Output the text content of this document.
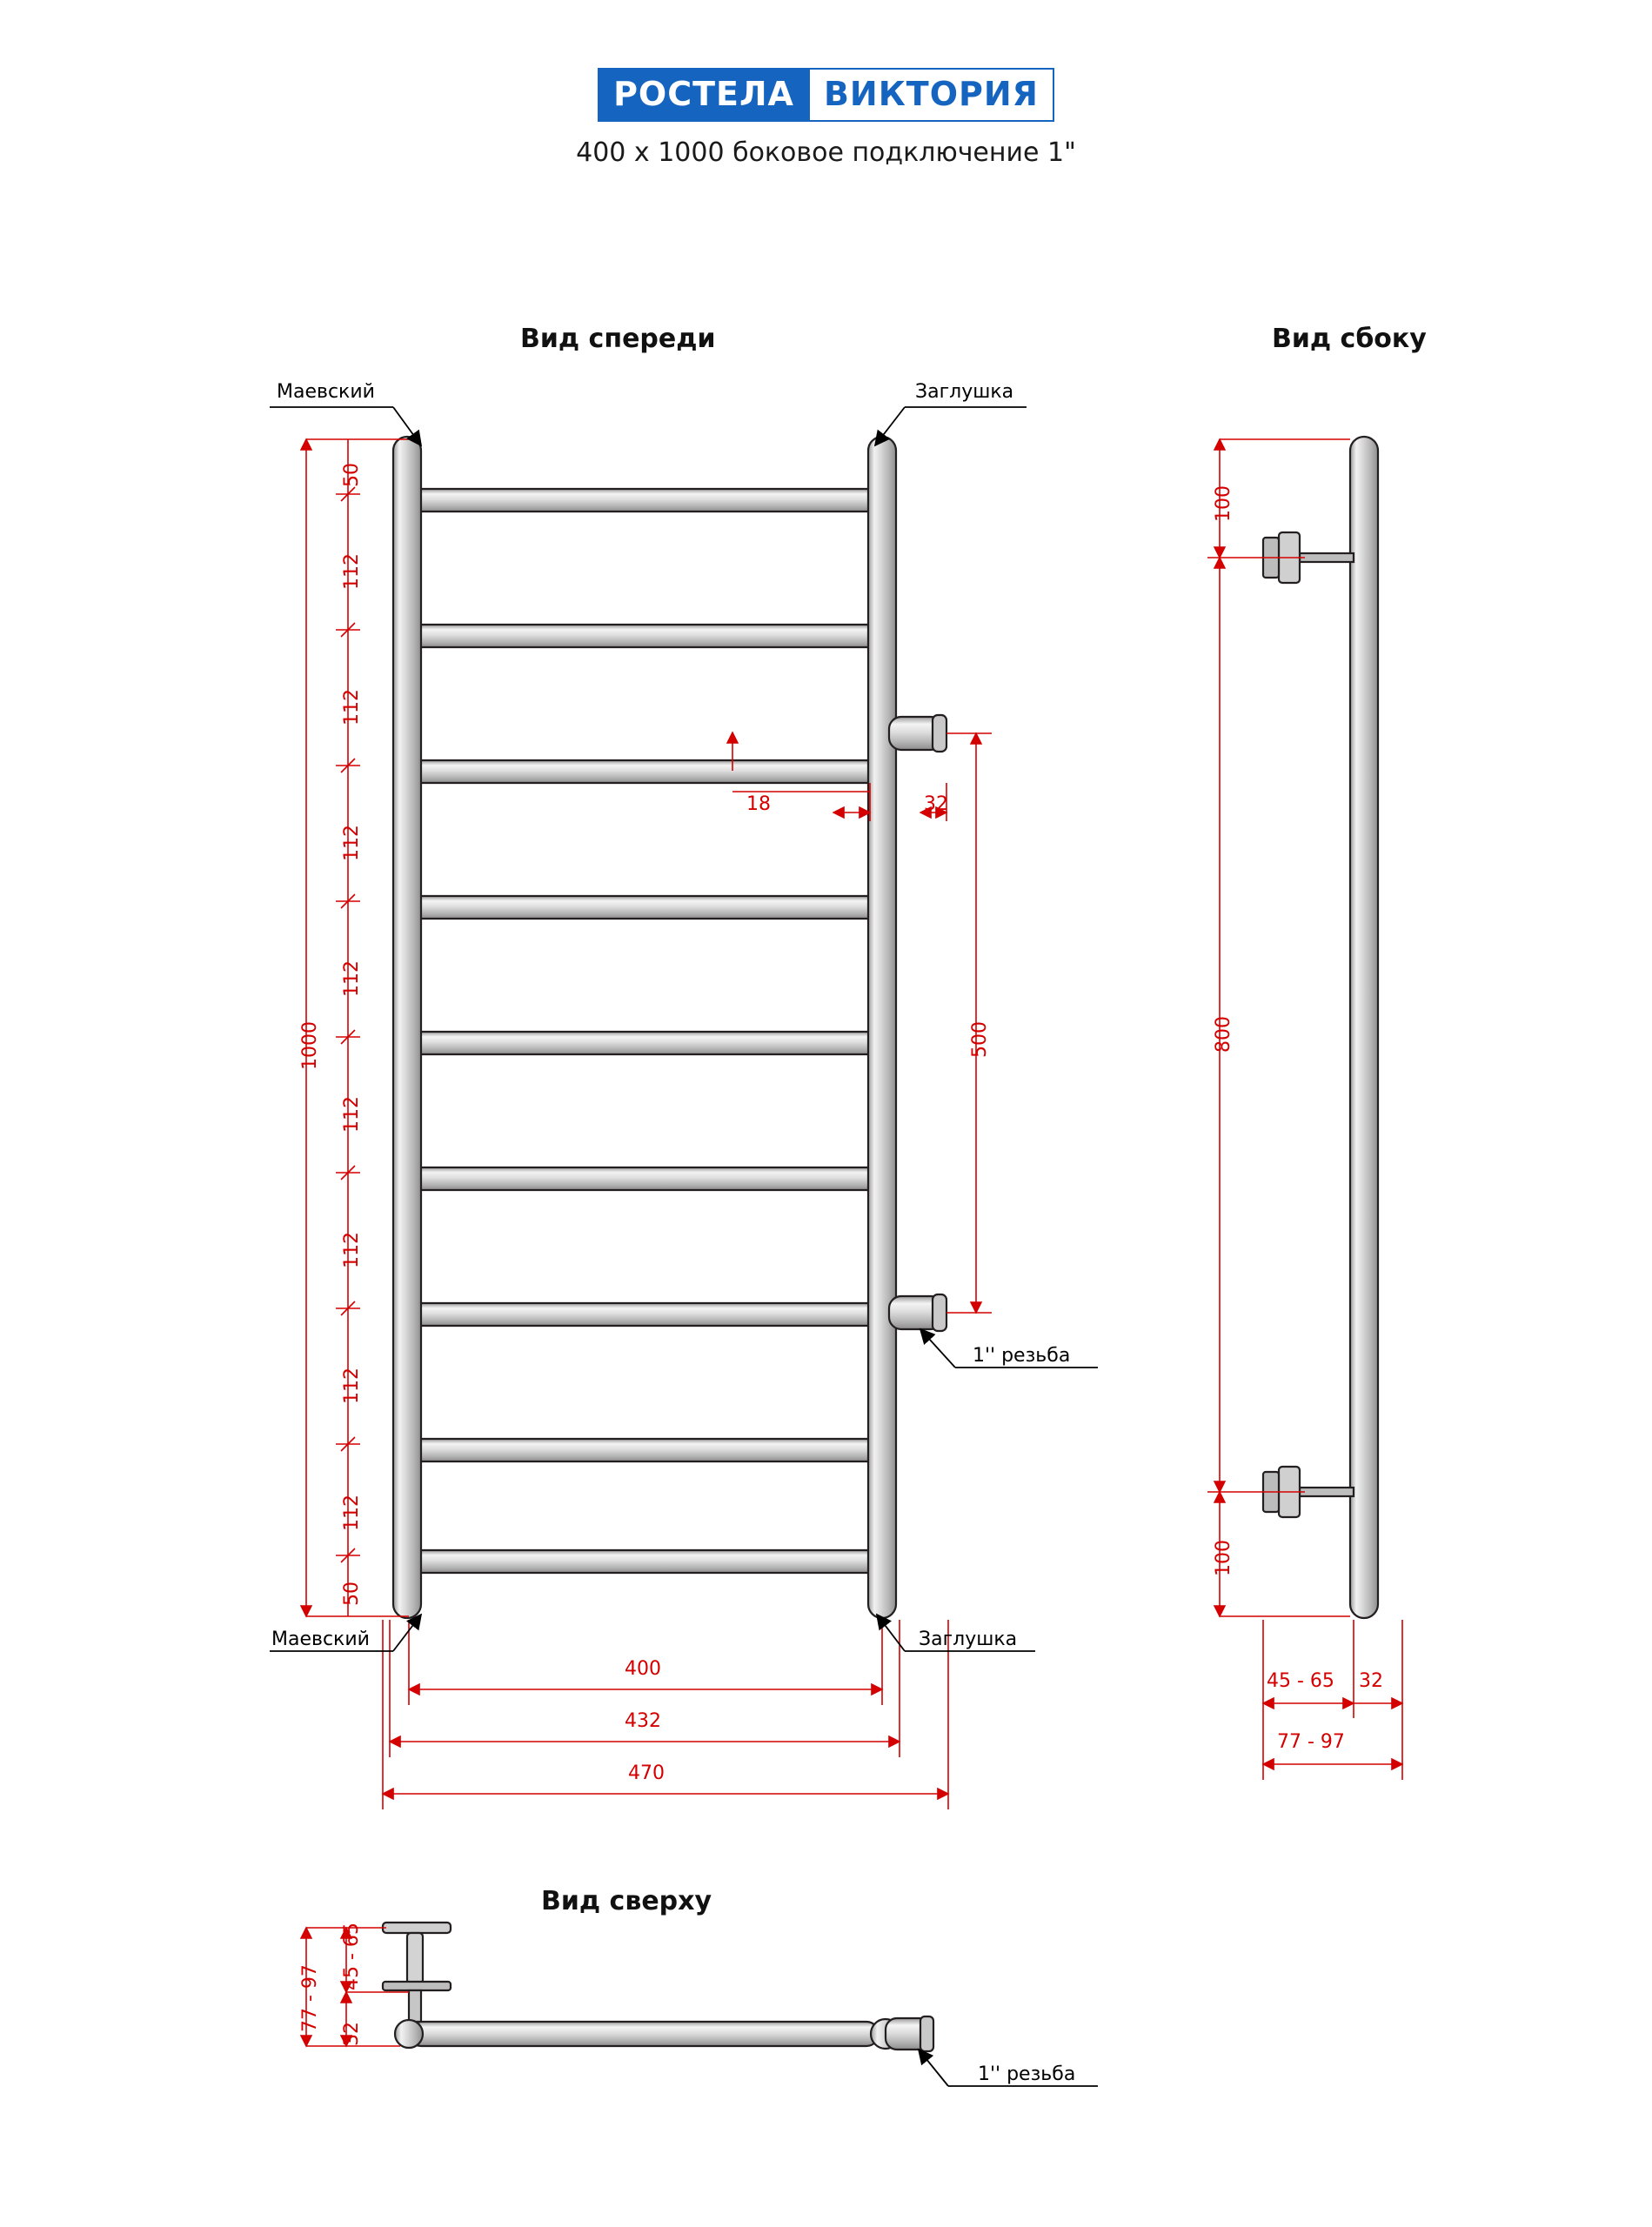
РОСТЕЛА ВИКТОРИЯ
400 x 1000 боковое подключение 1"
Вид спереди	Вид сбоку
Вид сверху
Маевский	Заглушка
Маевский	Заглушка
1'' резьба
1'' резьба
1000
50
112
112
112
112
112
112
112
112
50
18	32
500
400
432
470
100
800
100
45 - 65 32
77 - 97
77 - 97
45 - 65
32
